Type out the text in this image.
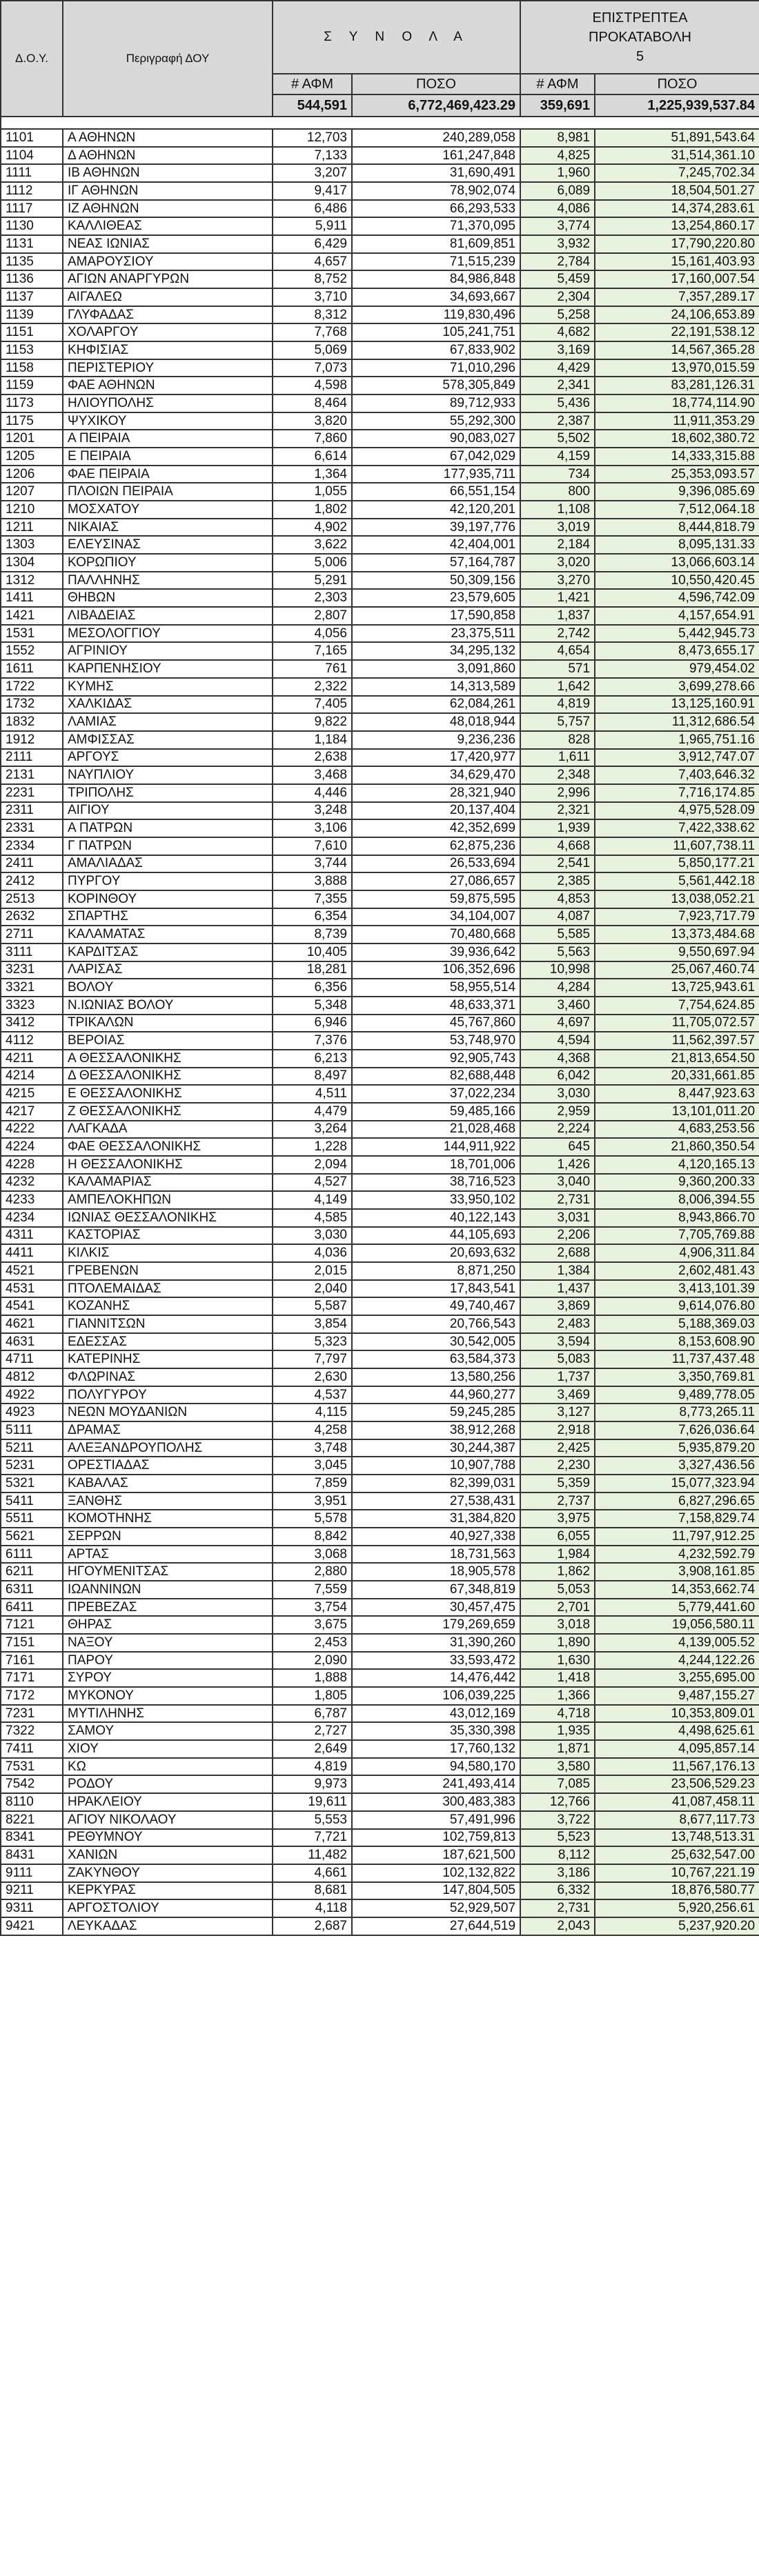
Δ.Ο.Υ.	Περιγραφή ΔΟΥ	Σ Υ Ν Ο Λ Α		ΕΠΙΣΤΡΕΠΤΕΑ
ΠΡΟΚΑΤΑΒΟΛΗ
5	

		# ΑΦΜ	ΠΟΣΟ	# ΑΦΜ	ΠΟΣΟ
		544,591	6,772,469,423.29	359,691	1,225,939,537.84

1101	Α ΑΘΗΝΩΝ	12,703	240,289,058	8,981	51,891,543.64
1104	Δ ΑΘΗΝΩΝ	7,133	161,247,848	4,825	31,514,361.10
1111	ΙΒ ΑΘΗΝΩΝ	3,207	31,690,491	1,960	7,245,702.34
1112	ΙΓ ΑΘΗΝΩΝ	9,417	78,902,074	6,089	18,504,501.27
1117	ΙΖ ΑΘΗΝΩΝ	6,486	66,293,533	4,086	14,374,283.61
1130	ΚΑΛΛΙΘΕΑΣ	5,911	71,370,095	3,774	13,254,860.17
1131	ΝΕΑΣ ΙΩΝΙΑΣ	6,429	81,609,851	3,932	17,790,220.80
1135	ΑΜΑΡΟΥΣΙΟΥ	4,657	71,515,239	2,784	15,161,403.93
1136	ΑΓΙΩΝ ΑΝΑΡΓΥΡΩΝ	8,752	84,986,848	5,459	17,160,007.54
1137	ΑΙΓΑΛΕΩ	3,710	34,693,667	2,304	7,357,289.17
1139	ΓΛΥΦΑΔΑΣ	8,312	119,830,496	5,258	24,106,653.89
1151	ΧΟΛΑΡΓΟΥ	7,768	105,241,751	4,682	22,191,538.12
1153	ΚΗΦΙΣΙΑΣ	5,069	67,833,902	3,169	14,567,365.28
1158	ΠΕΡΙΣΤΕΡΙΟΥ	7,073	71,010,296	4,429	13,970,015.59
1159	ΦΑΕ ΑΘΗΝΩΝ	4,598	578,305,849	2,341	83,281,126.31
1173	ΗΛΙΟΥΠΟΛΗΣ	8,464	89,712,933	5,436	18,774,114.90
1175	ΨΥΧΙΚΟΥ	3,820	55,292,300	2,387	11,911,353.29
1201	Α ΠΕΙΡΑΙΑ	7,860	90,083,027	5,502	18,602,380.72
1205	Ε ΠΕΙΡΑΙΑ	6,614	67,042,029	4,159	14,333,315.88
1206	ΦΑΕ ΠΕΙΡΑΙΑ	1,364	177,935,711	734	25,353,093.57
1207	ΠΛΟΙΩΝ ΠΕΙΡΑΙΑ	1,055	66,551,154	800	9,396,085.69
1210	ΜΟΣΧΑΤΟΥ	1,802	42,120,201	1,108	7,512,064.18
1211	ΝΙΚΑΙΑΣ	4,902	39,197,776	3,019	8,444,818.79
1303	ΕΛΕΥΣΙΝΑΣ	3,622	42,404,001	2,184	8,095,131.33
1304	ΚΟΡΩΠΙΟΥ	5,006	57,164,787	3,020	13,066,603.14
1312	ΠΑΛΛΗΝΗΣ	5,291	50,309,156	3,270	10,550,420.45
1411	ΘΗΒΩΝ	2,303	23,579,605	1,421	4,596,742.09
1421	ΛΙΒΑΔΕΙΑΣ	2,807	17,590,858	1,837	4,157,654.91
1531	ΜΕΣΟΛΟΓΓΙΟΥ	4,056	23,375,511	2,742	5,442,945.73
1552	ΑΓΡΙΝΙΟΥ	7,165	34,295,132	4,654	8,473,655.17
1611	ΚΑΡΠΕΝΗΣΙΟΥ	761	3,091,860	571	979,454.02
1722	ΚΥΜΗΣ	2,322	14,313,589	1,642	3,699,278.66
1732	ΧΑΛΚΙΔΑΣ	7,405	62,084,261	4,819	13,125,160.91
1832	ΛΑΜΙΑΣ	9,822	48,018,944	5,757	11,312,686.54
1912	ΑΜΦΙΣΣΑΣ	1,184	9,236,236	828	1,965,751.16
2111	ΑΡΓΟΥΣ	2,638	17,420,977	1,611	3,912,747.07
2131	ΝΑΥΠΛΙΟΥ	3,468	34,629,470	2,348	7,403,646.32
2231	ΤΡΙΠΟΛΗΣ	4,446	28,321,940	2,996	7,716,174.85
2311	ΑΙΓΙΟΥ	3,248	20,137,404	2,321	4,975,528.09
2331	Α ΠΑΤΡΩΝ	3,106	42,352,699	1,939	7,422,338.62
2334	Γ ΠΑΤΡΩΝ	7,610	62,875,236	4,668	11,607,738.11
2411	ΑΜΑΛΙΑΔΑΣ	3,744	26,533,694	2,541	5,850,177.21
2412	ΠΥΡΓΟΥ	3,888	27,086,657	2,385	5,561,442.18
2513	ΚΟΡΙΝΘΟΥ	7,355	59,875,595	4,853	13,038,052.21
2632	ΣΠΑΡΤΗΣ	6,354	34,104,007	4,087	7,923,717.79
2711	ΚΑΛΑΜΑΤΑΣ	8,739	70,480,668	5,585	13,373,484.68
3111	ΚΑΡΔΙΤΣΑΣ	10,405	39,936,642	5,563	9,550,697.94
3231	ΛΑΡΙΣΑΣ	18,281	106,352,696	10,998	25,067,460.74
3321	ΒΟΛΟΥ	6,356	58,955,514	4,284	13,725,943.61
3323	Ν.ΙΩΝΙΑΣ ΒΟΛΟΥ	5,348	48,633,371	3,460	7,754,624.85
3412	ΤΡΙΚΑΛΩΝ	6,946	45,767,860	4,697	11,705,072.57
4112	ΒΕΡΟΙΑΣ	7,376	53,748,970	4,594	11,562,397.57
4211	Α ΘΕΣΣΑΛΟΝΙΚΗΣ	6,213	92,905,743	4,368	21,813,654.50
4214	Δ ΘΕΣΣΑΛΟΝΙΚΗΣ	8,497	82,688,448	6,042	20,331,661.85
4215	Ε ΘΕΣΣΑΛΟΝΙΚΗΣ	4,511	37,022,234	3,030	8,447,923.63
4217	Ζ ΘΕΣΣΑΛΟΝΙΚΗΣ	4,479	59,485,166	2,959	13,101,011.20
4222	ΛΑΓΚΑΔΑ	3,264	21,028,468	2,224	4,683,253.56
4224	ΦΑΕ ΘΕΣΣΑΛΟΝΙΚΗΣ	1,228	144,911,922	645	21,860,350.54
4228	Η ΘΕΣΣΑΛΟΝΙΚΗΣ	2,094	18,701,006	1,426	4,120,165.13
4232	ΚΑΛΑΜΑΡΙΑΣ	4,527	38,716,523	3,040	9,360,200.33
4233	ΑΜΠΕΛΟΚΗΠΩΝ	4,149	33,950,102	2,731	8,006,394.55
4234	ΙΩΝΙΑΣ ΘΕΣΣΑΛΟΝΙΚΗΣ	4,585	40,122,143	3,031	8,943,866.70
4311	ΚΑΣΤΟΡΙΑΣ	3,030	44,105,693	2,206	7,705,769.88
4411	ΚΙΛΚΙΣ	4,036	20,693,632	2,688	4,906,311.84
4521	ΓΡΕΒΕΝΩΝ	2,015	8,871,250	1,384	2,602,481.43
4531	ΠΤΟΛΕΜΑΙΔΑΣ	2,040	17,843,541	1,437	3,413,101.39
4541	ΚΟΖΑΝΗΣ	5,587	49,740,467	3,869	9,614,076.80
4621	ΓΙΑΝΝΙΤΣΩΝ	3,854	20,766,543	2,483	5,188,369.03
4631	ΕΔΕΣΣΑΣ	5,323	30,542,005	3,594	8,153,608.90
4711	ΚΑΤΕΡΙΝΗΣ	7,797	63,584,373	5,083	11,737,437.48
4812	ΦΛΩΡΙΝΑΣ	2,630	13,580,256	1,737	3,350,769.81
4922	ΠΟΛΥΓΥΡΟΥ	4,537	44,960,277	3,469	9,489,778.05
4923	ΝΕΩΝ ΜΟΥΔΑΝΙΩΝ	4,115	59,245,285	3,127	8,773,265.11
5111	ΔΡΑΜΑΣ	4,258	38,912,268	2,918	7,626,036.64
5211	ΑΛΕΞΑΝΔΡΟΥΠΟΛΗΣ	3,748	30,244,387	2,425	5,935,879.20
5231	ΟΡΕΣΤΙΑΔΑΣ	3,045	10,907,788	2,230	3,327,436.56
5321	ΚΑΒΑΛΑΣ	7,859	82,399,031	5,359	15,077,323.94
5411	ΞΑΝΘΗΣ	3,951	27,538,431	2,737	6,827,296.65
5511	ΚΟΜΟΤΗΝΗΣ	5,578	31,384,820	3,975	7,158,829.74
5621	ΣΕΡΡΩΝ	8,842	40,927,338	6,055	11,797,912.25
6111	ΑΡΤΑΣ	3,068	18,731,563	1,984	4,232,592.79
6211	ΗΓΟΥΜΕΝΙΤΣΑΣ	2,880	18,905,578	1,862	3,908,161.85
6311	ΙΩΑΝΝΙΝΩΝ	7,559	67,348,819	5,053	14,353,662.74
6411	ΠΡΕΒΕΖΑΣ	3,754	30,457,475	2,701	5,779,441.60
7121	ΘΗΡΑΣ	3,675	179,269,659	3,018	19,056,580.11
7151	ΝΑΞΟΥ	2,453	31,390,260	1,890	4,139,005.52
7161	ΠΑΡΟΥ	2,090	33,593,472	1,630	4,244,122.26
7171	ΣΥΡΟΥ	1,888	14,476,442	1,418	3,255,695.00
7172	ΜΥΚΟΝΟΥ	1,805	106,039,225	1,366	9,487,155.27
7231	ΜΥΤΙΛΗΝΗΣ	6,787	43,012,169	4,718	10,353,809.01
7322	ΣΑΜΟΥ	2,727	35,330,398	1,935	4,498,625.61
7411	ΧΙΟΥ	2,649	17,760,132	1,871	4,095,857.14
7531	ΚΩ	4,819	94,580,170	3,580	11,567,176.13
7542	ΡΟΔΟΥ	9,973	241,493,414	7,085	23,506,529.23
8110	ΗΡΑΚΛΕΙΟΥ	19,611	300,483,383	12,766	41,087,458.11
8221	ΑΓΙΟΥ ΝΙΚΟΛΑΟΥ	5,553	57,491,996	3,722	8,677,117.73
8341	ΡΕΘΥΜΝΟΥ	7,721	102,759,813	5,523	13,748,513.31
8431	ΧΑΝΙΩΝ	11,482	187,621,500	8,112	25,632,547.00
9111	ΖΑΚΥΝΘΟΥ	4,661	102,132,822	3,186	10,767,221.19
9211	ΚΕΡΚΥΡΑΣ	8,681	147,804,505	6,332	18,876,580.77
9311	ΑΡΓΟΣΤΟΛΙΟΥ	4,118	52,929,507	2,731	5,920,256.61
9421	ΛΕΥΚΑΔΑΣ	2,687	27,644,519	2,043	5,237,920.20
